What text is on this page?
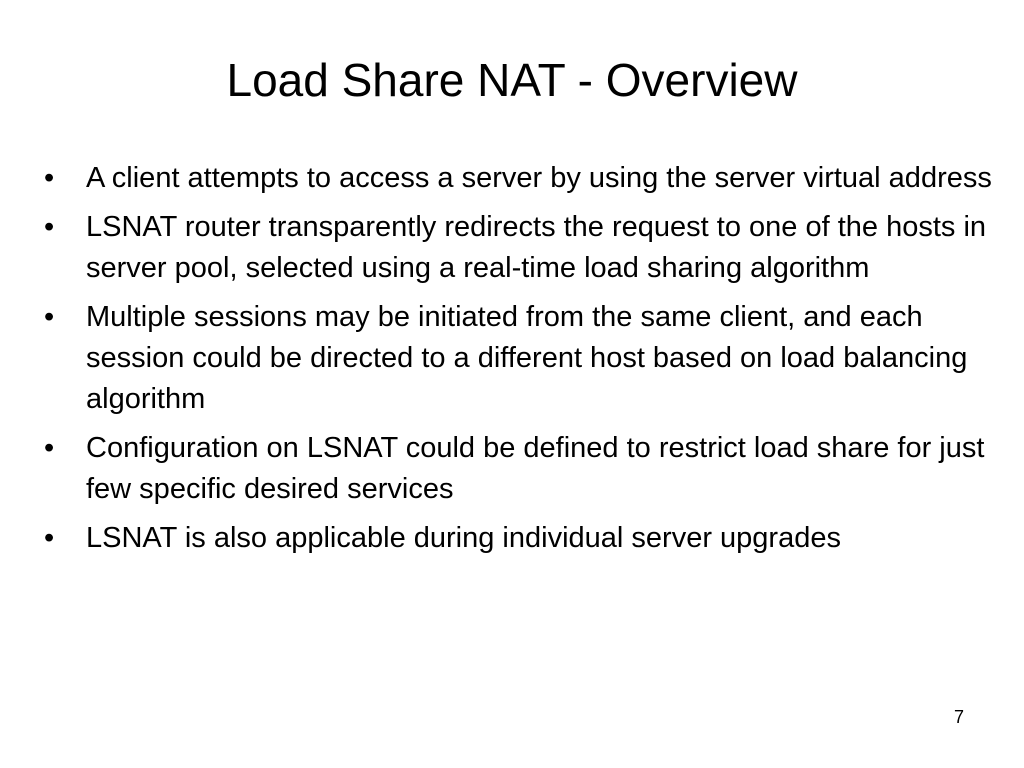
Load Share NAT - Overview
•	A client attempts to access a server by using the server virtual address
•	LSNAT router transparently redirects the request to one of the hosts in server pool, selected using a real-time load sharing algorithm
•	Multiple sessions may be initiated from the same client, and each session could be directed to a different host based on load balancing algorithm
•	Configuration on LSNAT could be defined to restrict load share for just few specific desired services
•	LSNAT is also applicable during individual server upgrades
7
